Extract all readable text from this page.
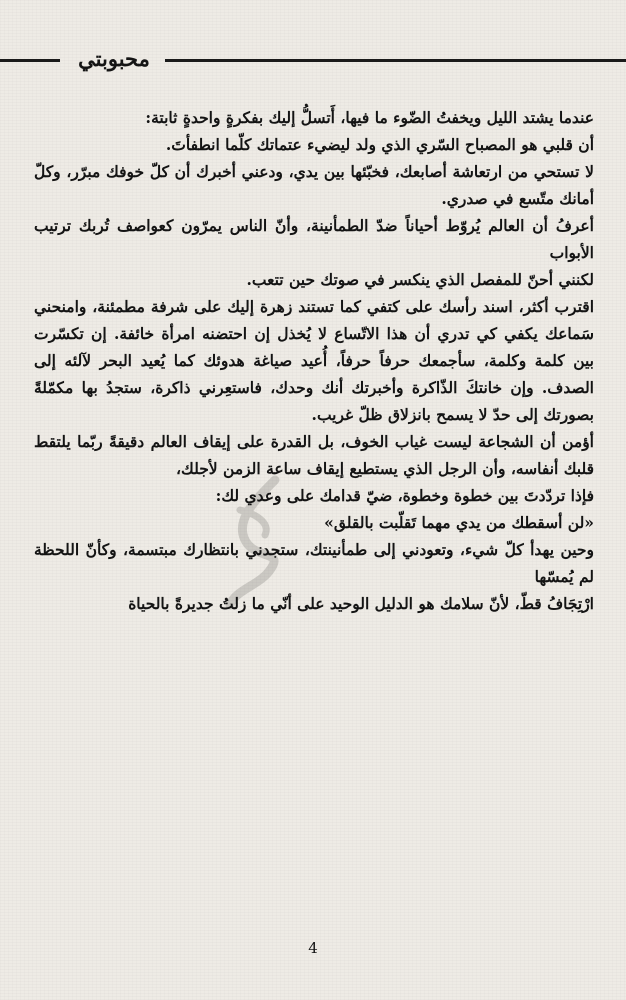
محبوبتي

عندما يشتد الليل ويخفتُ الضّوء ما فيها، أَتسلُّ إليك بفكرةٍ واحدةٍ ثابتة:

أن قلبي هو المصباح السّري الذي ولد ليضيء عتماتك كلّما انطفأتَ.

لا تستحي من ارتعاشة أصابعك، فخبّئها بين يدي، ودعني أخبرك أن كلّ خوفك مبرّر، وكلّ أمانك متّسع في صدري.

أعرفُ أن العالم يُروّط أحياناً ضدّ الطمأنينة، وأنّ الناس يمرّون كعواصف تُربك ترتيب الأبواب

لكنني أحنّ للمفصل الذي ينكسر في صوتك حين تتعب.

اقترب أكثر، اسند رأسك على كتفي كما تستند زهرة إليك على شرفة مطمئنة، وامنحني سَماعك يكفي كي تدري أن هذا الاتّساع لا يُخذل إن احتضنه امرأة خائفة. إن تكسّرت بين كلمة وكلمة، سأجمعك حرفاً حرفاً، أُعيد صياغة هدوئك كما يُعيد البحر لآلئه إلى الصدف. وإن خانتكَ الذّاكرة وأخبرتك أنك وحدك، فاستعِرني ذاكرة، ستجدُ بها مكمّلةً بصورتك إلى حدّ لا يسمح بانزلاق ظلّ غريب.

أؤمن أن الشجاعة ليست غياب الخوف، بل القدرة على إيقاف العالم دقيقةً ربّما يلتقط قلبك أنفاسه، وأن الرجل الذي يستطيع إيقاف ساعة الزمن لأجلك،

فإذا تردّدتَ بين خطوة وخطوة، ضيّ قدامك على وعدي لك:

«لن أسقطك من يدي مهما تَقلّبت بالقلق»

وحين يهدأ كلّ شيء، وتعودني إلى طمأنينتك، ستجدني بانتظارك مبتسمة، وكأنّ اللحظة لم يُمسّها

ارْتِجَافُ قطّ، لأنّ سلامك هو الدليل الوحيد على أنّي ما زلتُ جديرةً بالحياة

4
